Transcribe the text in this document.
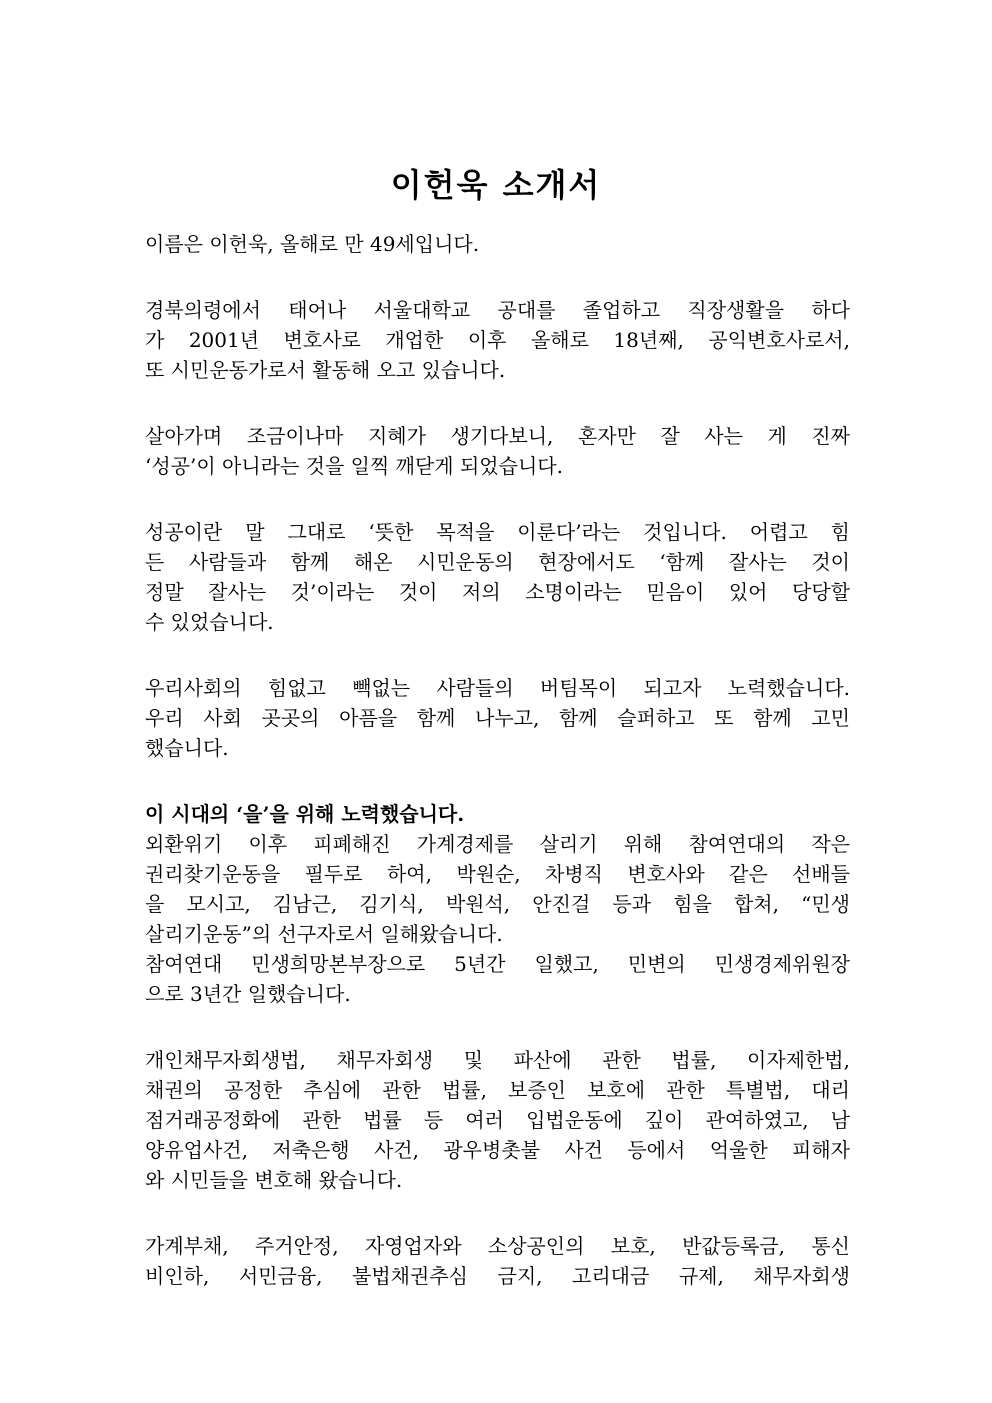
이헌욱 소개서
이름은 이헌욱, 올해로 만 49세입니다.
경북의령에서 태어나 서울대학교 공대를 졸업하고 직장생활을 하다
가 2001년 변호사로 개업한 이후 올해로 18년째, 공익변호사로서,
또 시민운동가로서 활동해 오고 있습니다.
살아가며 조금이나마 지혜가 생기다보니, 혼자만 잘 사는 게 진짜
‘성공’이 아니라는 것을 일찍 깨닫게 되었습니다.
성공이란 말 그대로 ‘뜻한 목적을 이룬다’라는 것입니다. 어렵고 힘
든 사람들과 함께 해온 시민운동의 현장에서도 ‘함께 잘사는 것이
정말 잘사는 것’이라는 것이 저의 소명이라는 믿음이 있어 당당할
수 있었습니다.
우리사회의 힘없고 빽없는 사람들의 버팀목이 되고자 노력했습니다.
우리 사회 곳곳의 아픔을 함께 나누고, 함께 슬퍼하고 또 함께 고민
했습니다.
이 시대의 ‘을’을 위해 노력했습니다.
외환위기 이후 피폐해진 가계경제를 살리기 위해 참여연대의 작은
권리찾기운동을 필두로 하여, 박원순, 차병직 변호사와 같은 선배들
을 모시고, 김남근, 김기식, 박원석, 안진걸 등과 힘을 합쳐, “민생
살리기운동”의 선구자로서 일해왔습니다.
참여연대 민생희망본부장으로 5년간 일했고, 민변의 민생경제위원장
으로 3년간 일했습니다.
개인채무자회생법, 채무자회생 및 파산에 관한 법률, 이자제한법,
채권의 공정한 추심에 관한 법률, 보증인 보호에 관한 특별법, 대리
점거래공정화에 관한 법률 등 여러 입법운동에 깊이 관여하였고, 남
양유업사건, 저축은행 사건, 광우병촛불 사건 등에서 억울한 피해자
와 시민들을 변호해 왔습니다.
가계부채, 주거안정, 자영업자와 소상공인의 보호, 반값등록금, 통신
비인하, 서민금융, 불법채권추심 금지, 고리대금 규제, 채무자회생
